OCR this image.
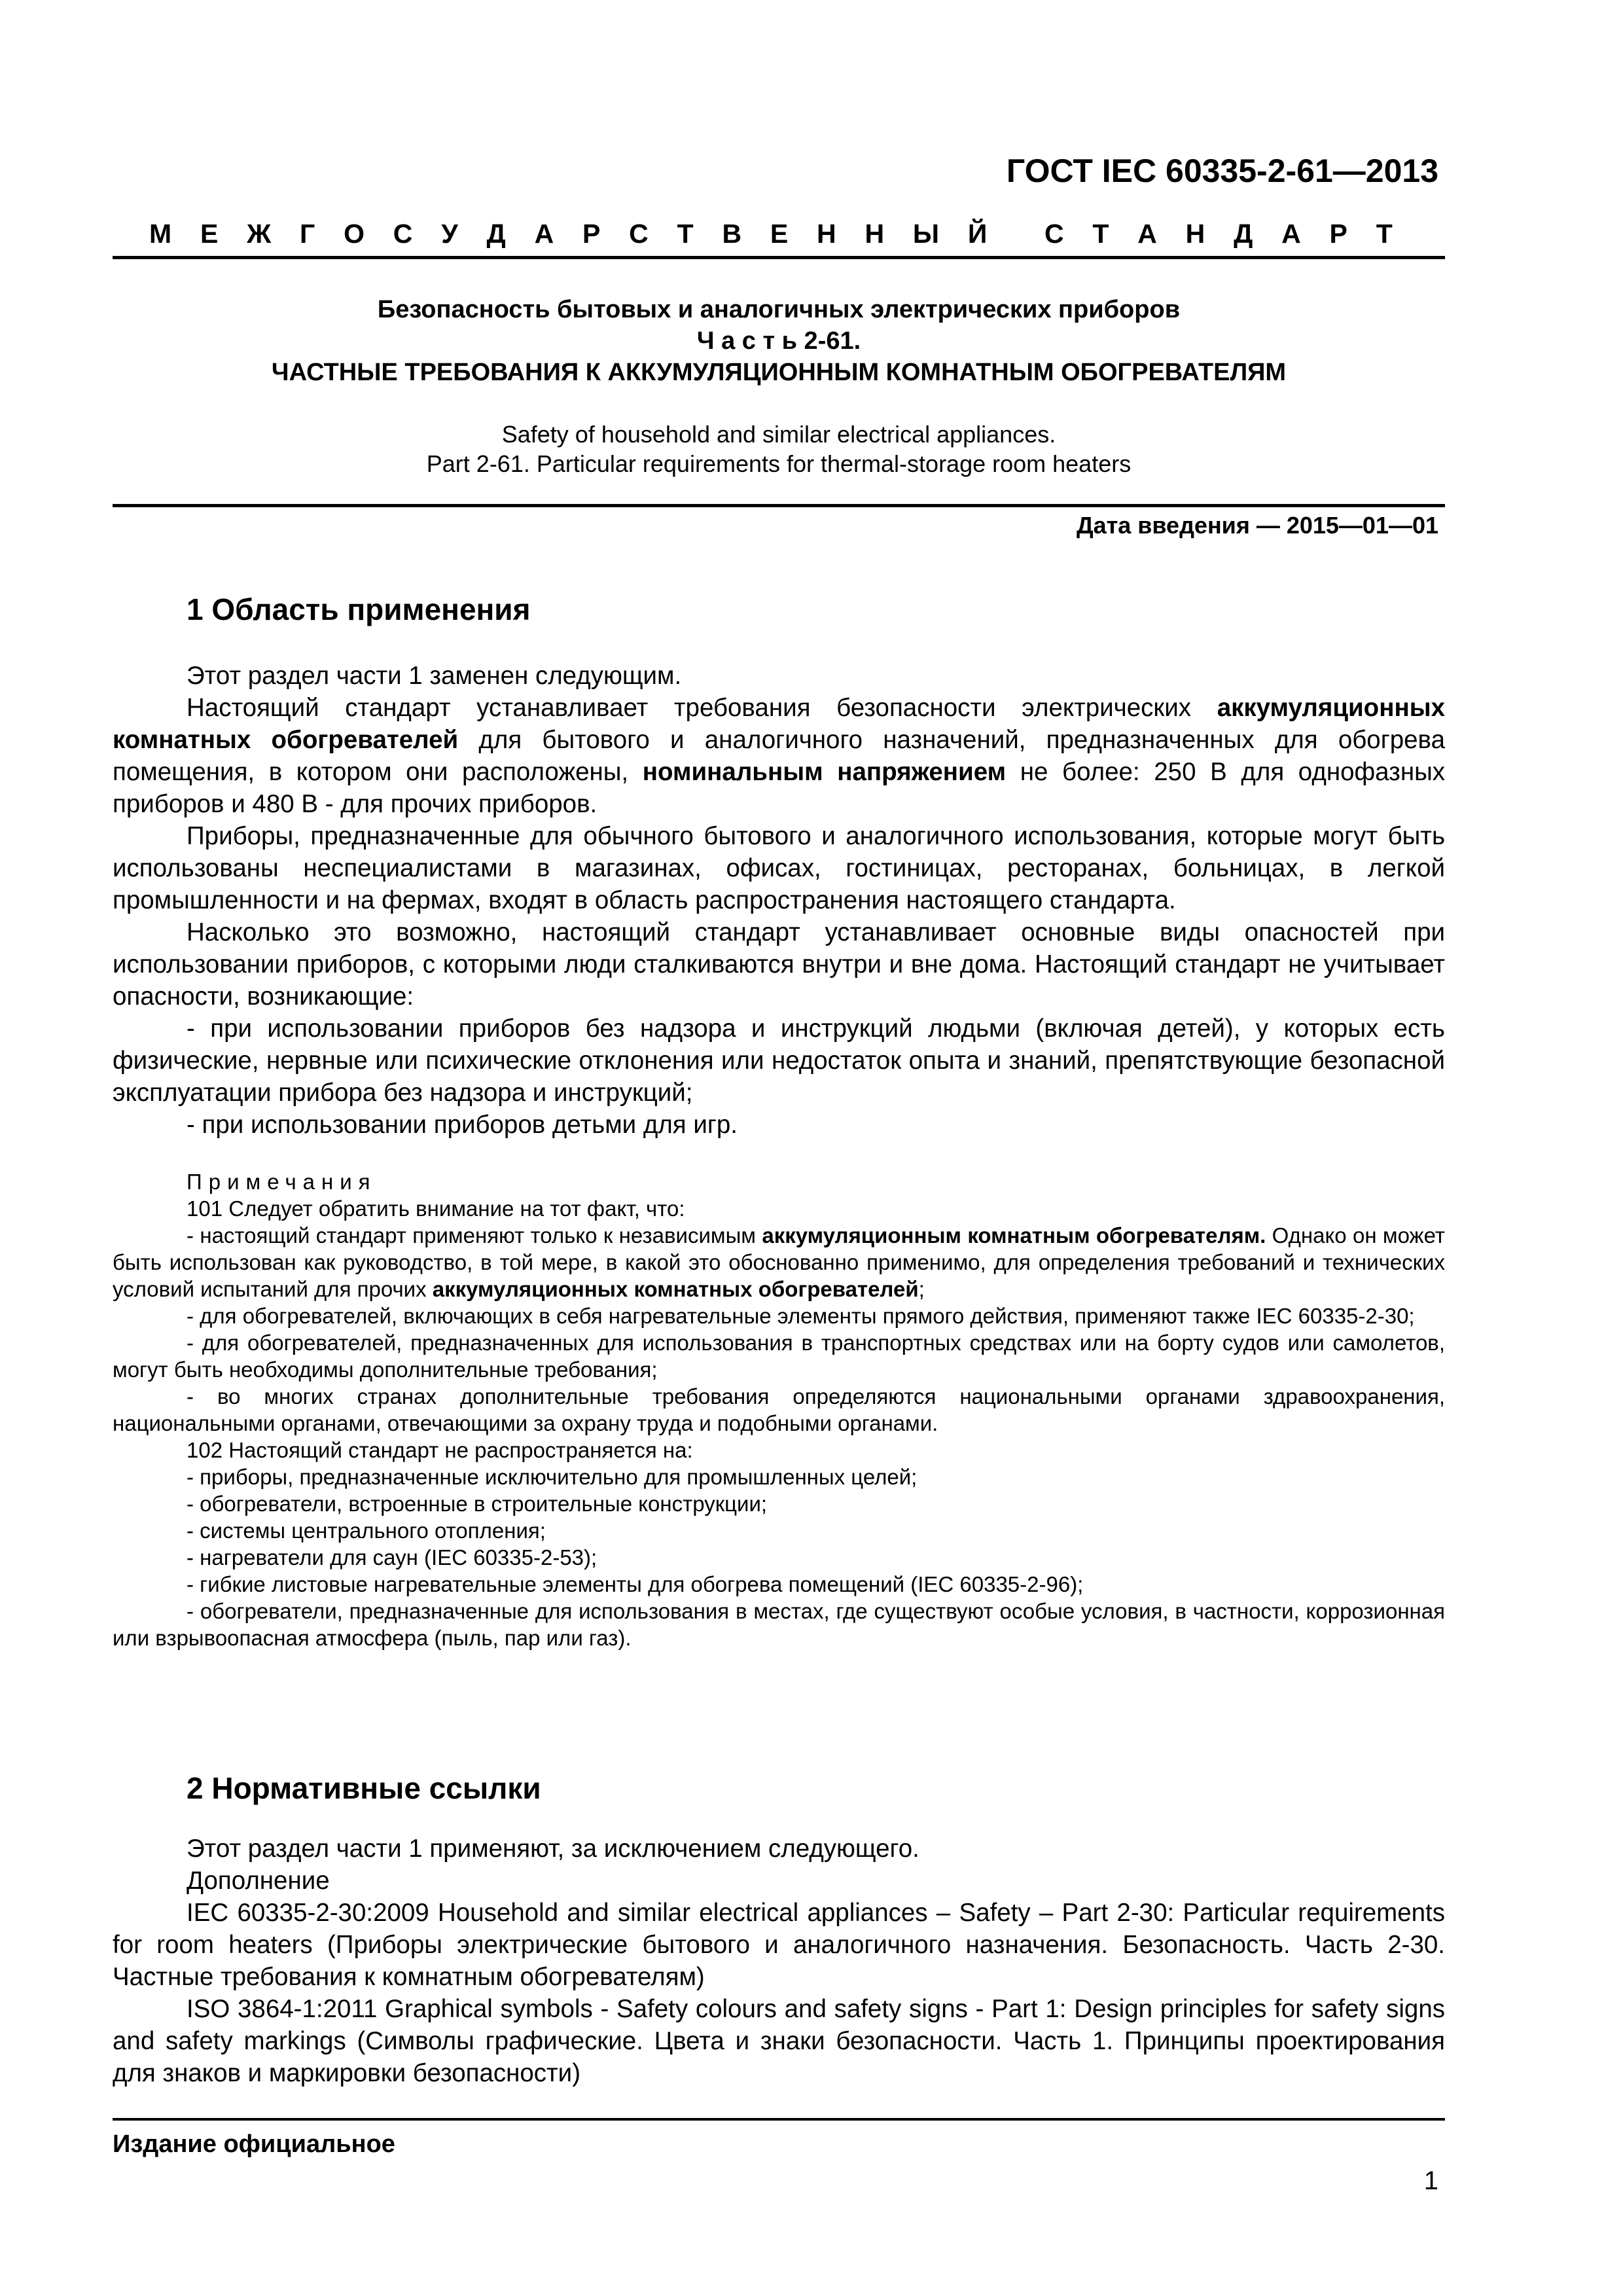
ГОСТ IEC 60335-2-61—2013
М Е Ж Г О С У Д А Р С Т В Е Н Н Ы Й С Т А Н Д А Р Т
Безопасность бытовых и аналогичных электрических приборов
Ч а с т ь 2-61.
ЧАСТНЫЕ ТРЕБОВАНИЯ К АККУМУЛЯЦИОННЫМ КОМНАТНЫМ ОБОГРЕВАТЕЛЯМ
Safety of household and similar electrical appliances.
Part 2-61. Particular requirements for thermal-storage room heaters
Дата введения — 2015—01—01
1 Область применения

Этот раздел части 1 заменен следующим.

Настоящий стандарт устанавливает требования безопасности электрических аккумуляционных комнатных обогревателей для бытового и аналогичного назначений, предназначенных для обогрева помещения, в котором они расположены, номинальным напряжением не более: 250 В для однофазных приборов и 480 В - для прочих приборов.

Приборы, предназначенные для обычного бытового и аналогичного использования, которые могут быть использованы неспециалистами в магазинах, офисах, гостиницах, ресторанах, больницах, в легкой промышленности и на фермах, входят в область распространения настоящего стандарта.

Насколько это возможно, настоящий стандарт устанавливает основные виды опасностей при использовании приборов, с которыми люди сталкиваются внутри и вне дома. Настоящий стандарт не учитывает опасности, возникающие:

- при использовании приборов без надзора и инструкций людьми (включая детей), у которых есть физические, нервные или психические отклонения или недостаток опыта и знаний, препятствующие безопасной эксплуатации прибора без надзора и инструкций;

- при использовании приборов детьми для игр.

Примечания

101 Следует обратить внимание на тот факт, что:

- настоящий стандарт применяют только к независимым аккумуляционным комнатным обогревателям. Однако он может быть использован как руководство, в той мере, в какой это обоснованно применимо, для определения требований и технических условий испытаний для прочих аккумуляционных комнатных обогревателей;

- для обогревателей, включающих в себя нагревательные элементы прямого действия, применяют также IEC 60335-2-30;

- для обогревателей, предназначенных для использования в транспортных средствах или на борту судов или самолетов, могут быть необходимы дополнительные требования;

- во многих странах дополнительные требования определяются национальными органами здравоохранения, национальными органами, отвечающими за охрану труда и подобными органами.

102 Настоящий стандарт не распространяется на:

- приборы, предназначенные исключительно для промышленных целей;

- обогреватели, встроенные в строительные конструкции;

- системы центрального отопления;

- нагреватели для саун (IEC 60335-2-53);

- гибкие листовые нагревательные элементы для обогрева помещений (IEC 60335-2-96);

- обогреватели, предназначенные для использования в местах, где существуют особые условия, в частности, коррозионная или взрывоопасная атмосфера (пыль, пар или газ).

2 Нормативные ссылки

Этот раздел части 1 применяют, за исключением следующего.

Дополнение

IEC 60335-2-30:2009 Household and similar electrical appliances – Safety – Part 2-30: Particular requirements for room heaters (Приборы электрические бытового и аналогичного назначения. Безопасность. Часть 2-30. Частные требования к комнатным обогревателям)

ISO 3864-1:2011 Graphical symbols - Safety colours and safety signs - Part 1: Design principles for safety signs and safety markings (Символы графические. Цвета и знаки безопасности. Часть 1. Принципы проектирования для знаков и маркировки безопасности)

Издание официальное
1
